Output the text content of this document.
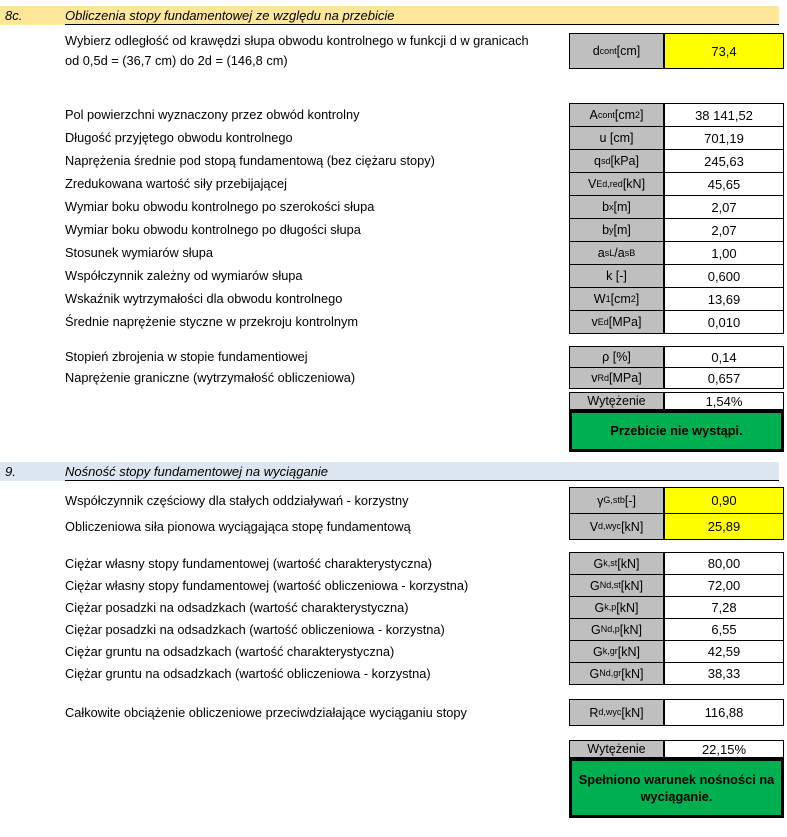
8c.	Obliczenia stopy fundamentowej ze względu na przebicie
Wybierz odległość od krawędzi słupa obwodu kontrolnego w funkcji d w granicach od 0,5d = (36,7 cm) do 2d = (146,8 cm)
d cont [cm]	73,4
Pol powierzchni wyznaczony przez obwód kontrolny	A cont [cm 2 ]	38 141,52
Długość przyjętego obwodu kontrolnego	u [cm]	701,19
Naprężenia średnie pod stopą fundamentową (bez ciężaru stopy)	q s d [kPa]	245,63
Zredukowana wartość siły przebijającej	V Ed,red [kN]	45,65
Wymiar boku obwodu kontrolnego po szerokości słupa	b x [m]	2,07
Wymiar boku obwodu kontrolnego po długości słupa	b y [m]	2,07
Stosunek wymiarów słupa	a sL /a sB	1,00
Współczynnik zależny od wymiarów słupa	k [-]	0,600
Wskaźnik wytrzymałości dla obwodu kontrolnego	W 1 [cm 2 ]	13,69
Średnie naprężenie styczne w przekroju kontrolnym	v Ed [MPa]	0,010
Stopień zbrojenia w stopie fundamentiowej	ρ [%]	0,14
Naprężenie graniczne (wytrzymałość obliczeniowa)	v Rd [MPa]	0,657
Wytężenie	1,54%
Przebicie nie wystąpi.
9.	Nośność stopy fundamentowej na wyciąganie
Współczynnik częściowy dla stałych oddziaływań - korzystny	γ G,stb [-]	0,90
Obliczeniowa siła pionowa wyciągająca stopę fundamentową	V d,wyc [kN]	25,89
Ciężar własny stopy fundamentowej (wartość charakterystyczna)	G k,st [kN]	80,00
Ciężar własny stopy fundamentowej (wartość obliczeniowa - korzystna)	G N d,st [kN]	72,00
Ciężar posadzki na odsadzkach (wartość charakterystyczna)	G k,p [kN]	7,28
Ciężar posadzki na odsadzkach (wartość obliczeniowa - korzystna)	G N d,p [kN]	6,55
Ciężar gruntu na odsadzkach (wartość charakterystyczna)	G k,gr [kN]	42,59
Ciężar gruntu na odsadzkach (wartość obliczeniowa - korzystna)	G N d,gr [kN]	38,33
Całkowite obciążenie obliczeniowe przeciwdziałające wyciąganiu stopy	R d,wyc [kN]	116,88
Wytężenie	22,15%
Spełniono warunek nośności na wyciąganie.
